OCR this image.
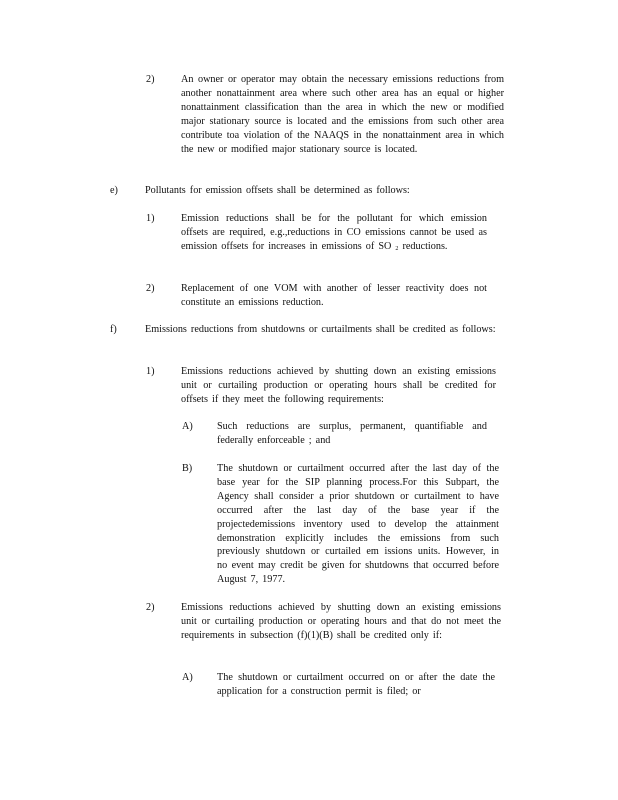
2)	An owner or operator may obtain the necessary emissions reductions from another nonattainment area where such other area has an equal or higher nonattainment classification than the area in which the new or modified major stationary source is located and the emissions from such other area contribute toa violation of the NAAQS in the nonattainment area in which the new or modified major stationary source is located.
e)	Pollutants for emission offsets shall be determined as follows:
1)	Emission reductions shall be for the pollutant for which emission offsets are required, e.g.,reductions in CO emissions cannot be used as emission offsets for increases in emissions of SO $_2$ reductions.
2)	Replacement of one VOM with another of lesser reactivity does not constitute an emissions reduction.
f)	Emissions reductions from shutdowns or curtailments shall be credited as follows:
1)	Emissions reductions achieved by shutting down an existing emissions unit or curtailing production or operating hours shall be credited for offsets if they meet the following requirements:
A) Such reductions are surplus, permanent, quantifiable and federally enforceable ; and
B) The shutdown or curtailment occurred after the last day of the base year for the SIP planning process.For this Subpart, the Agency shall consider a prior shutdown or curtailment to have occurred after the last day of the base year if the projectedemissions inventory used to develop the attainment demonstration explicitly includes the emissions from such previously shutdown or curtailed em issions units. However, in no event may credit be given for shutdowns that occurred before August 7, 1977.
2)	Emissions reductions achieved by shutting down an existing emissions unit or curtailing production or operating hours and that do not meet the requirements in subsection (f)(1)(B) shall be credited only if:
A) The shutdown or curtailment occurred on or after the date the application for a construction permit is filed; or
